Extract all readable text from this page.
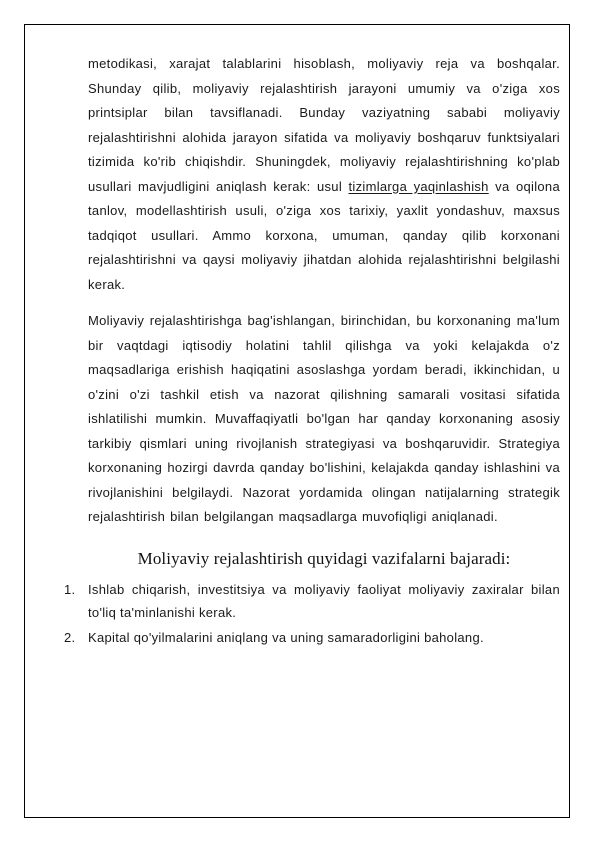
metodikasi, xarajat talablarini hisoblash, moliyaviy reja va boshqalar. Shunday qilib, moliyaviy rejalashtirish jarayoni umumiy va o'ziga xos printsiplar bilan tavsiflanadi. Bunday vaziyatning sababi moliyaviy rejalashtirishni alohida jarayon sifatida va moliyaviy boshqaruv funktsiyalari tizimida ko'rib chiqishdir. Shuningdek, moliyaviy rejalashtirishning ko'plab usullari mavjudligini aniqlash kerak: usul tizimlarga yaqinlashish va oqilona tanlov, modellashtirish usuli, o'ziga xos tarixiy, yaxlit yondashuv, maxsus tadqiqot usullari. Ammo korxona, umuman, qanday qilib korxonani rejalashtirishni va qaysi moliyaviy jihatdan alohida rejalashtirishni belgilashi kerak.

Moliyaviy rejalashtirishga bag'ishlangan, birinchidan, bu korxonaning ma'lum bir vaqtdagi iqtisodiy holatini tahlil qilishga va yoki kelajakda o'z maqsadlariga erishish haqiqatini asoslashga yordam beradi, ikkinchidan, u o'zini o'zi tashkil etish va nazorat qilishning samarali vositasi sifatida ishlatilishi mumkin. Muvaffaqiyatli bo'lgan har qanday korxonaning asosiy tarkibiy qismlari uning rivojlanish strategiyasi va boshqaruvidir. Strategiya korxonaning hozirgi davrda qanday bo'lishini, kelajakda qanday ishlashini va rivojlanishini belgilaydi. Nazorat yordamida olingan natijalarning strategik rejalashtirish bilan belgilangan maqsadlarga muvofiqligi aniqlanadi.

Moliyaviy rejalashtirish quyidagi vazifalarni bajaradi:
1. Ishlab chiqarish, investitsiya va moliyaviy faoliyat moliyaviy zaxiralar bilan to'liq ta'minlanishi kerak.
2. Kapital qo'yilmalarini aniqlang va uning samaradorligini baholang.
